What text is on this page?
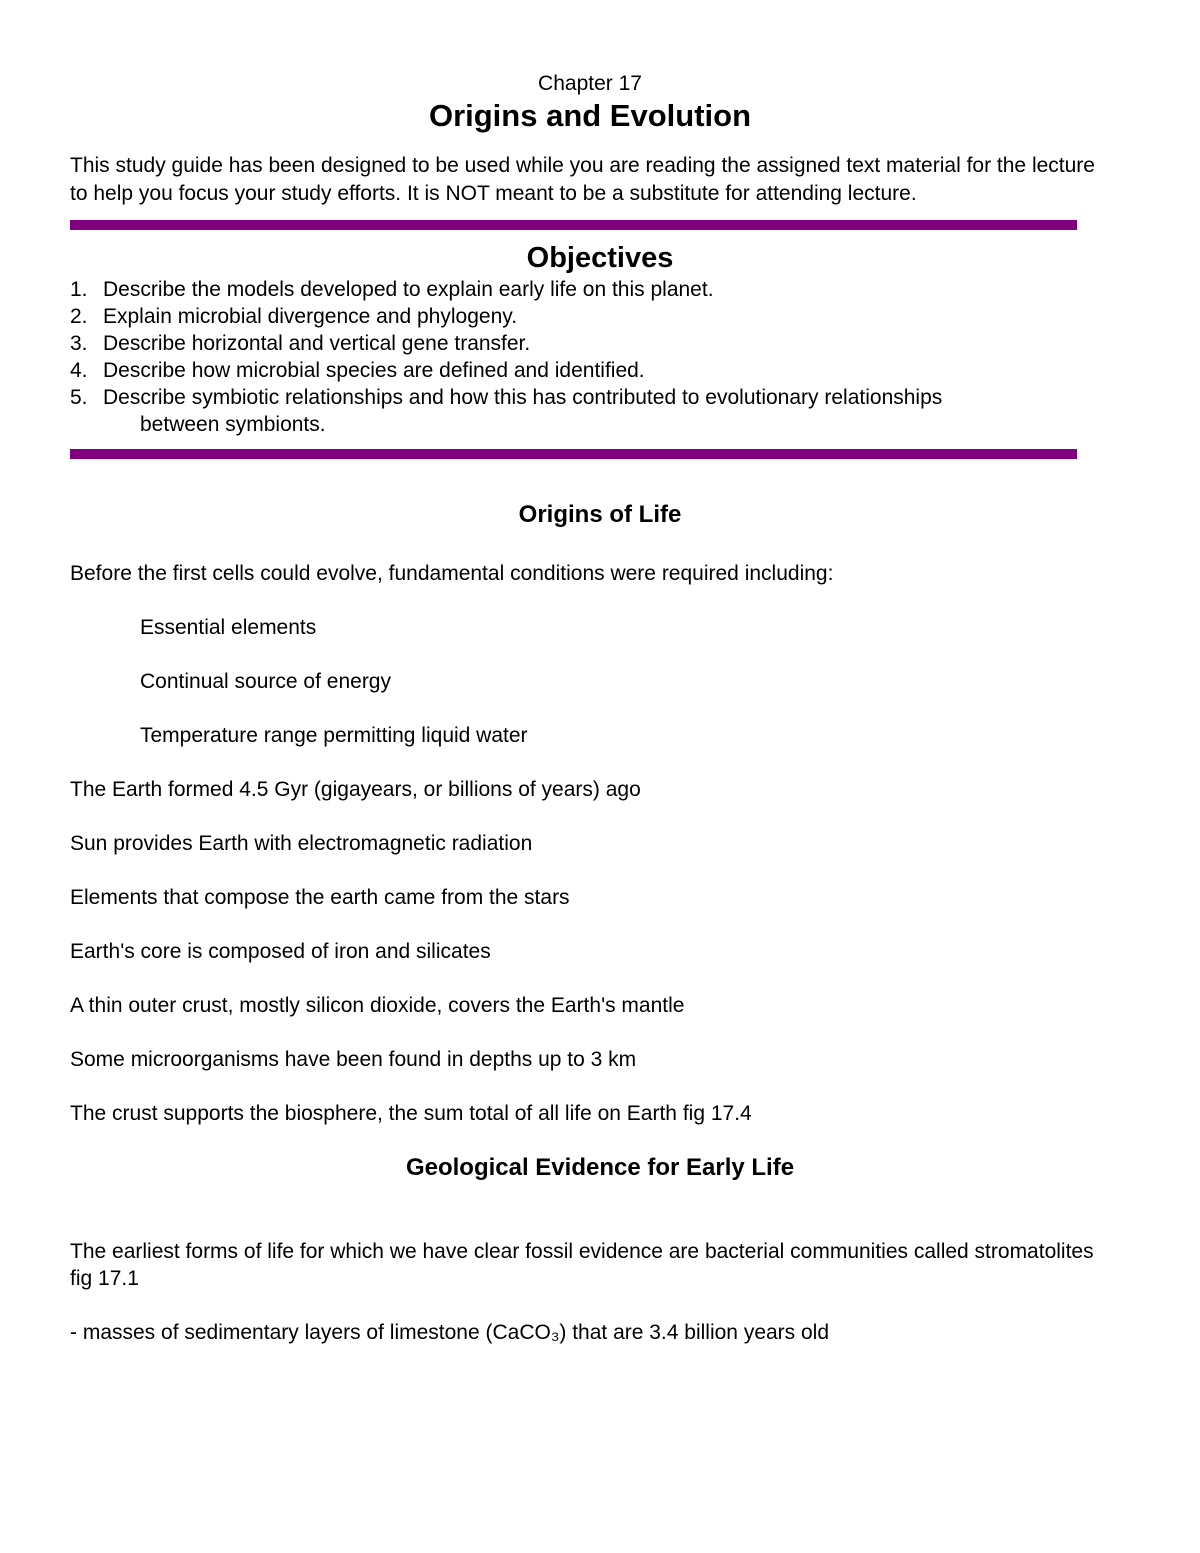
Chapter 17

Origins and Evolution

This study guide has been designed to be used while you are reading the assigned text material for the lecture to help you focus your study efforts. It is NOT meant to be a substitute for attending lecture.

Objectives
1. Describe the models developed to explain early life on this planet.
2. Explain microbial divergence and phylogeny.
3. Describe horizontal and vertical gene transfer.
4. Describe how microbial species are defined and identified.
5. Describe symbiotic relationships and how this has contributed to evolutionary relationships
between symbionts.
Origins of Life

Before the first cells could evolve, fundamental conditions were required including:

Essential elements

Continual source of energy

Temperature range permitting liquid water

The Earth formed 4.5 Gyr (gigayears, or billions of years) ago

Sun provides Earth with electromagnetic radiation

Elements that compose the earth came from the stars

Earth's core is composed of iron and silicates

A thin outer crust, mostly silicon dioxide, covers the Earth's mantle

Some microorganisms have been found in depths up to 3 km

The crust supports the biosphere, the sum total of all life on Earth fig 17.4

Geological Evidence for Early Life

The earliest forms of life for which we have clear fossil evidence are bacterial communities called stromatolites fig 17.1

- masses of sedimentary layers of limestone (CaCO₃) that are 3.4 billion years old
